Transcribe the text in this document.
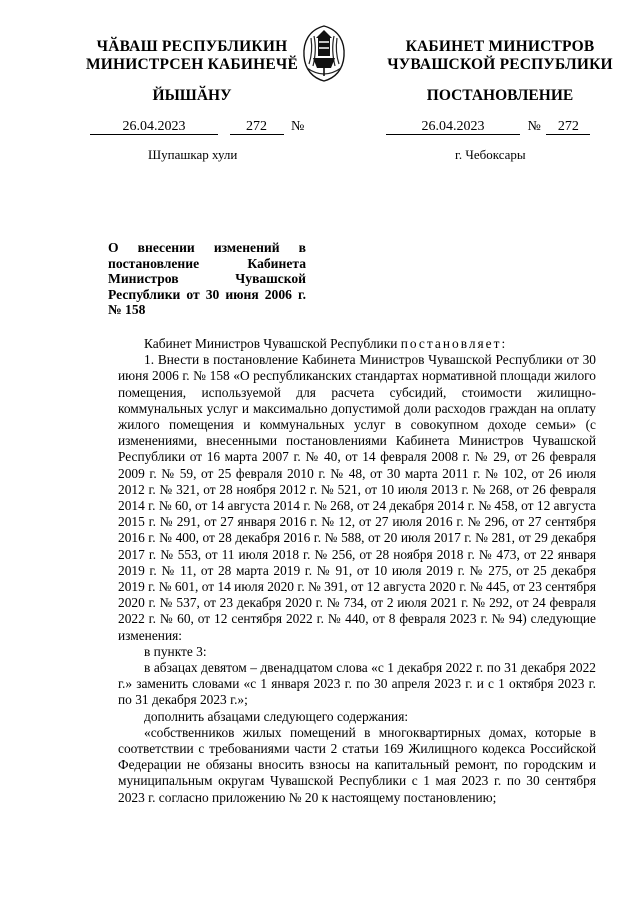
ЧӐВАШ РЕСПУБЛИКИН
МИНИСТРСЕН КАБИНЕЧӖ
ЙЫШӐНУ
КАБИНЕТ МИНИСТРОВ
ЧУВАШСКОЙ РЕСПУБЛИКИ
ПОСТАНОВЛЕНИЕ
26.04.2023	272 №	26.04.2023	№ 272
Шупашкар хули	г. Чебоксары
О внесении изменений в постановление Кабинета Министров Чувашской Республики от 30 июня 2006 г. № 158

Кабинет Министров Чувашской Республики постановляет:

1. Внести в постановление Кабинета Министров Чувашской Республики от 30 июня 2006 г. № 158 «О республиканских стандартах нормативной площади жилого помещения, используемой для расчета субсидий, стоимости жилищно-коммунальных услуг и максимально допустимой доли расходов граждан на оплату жилого помещения и коммунальных услуг в совокупном доходе семьи» (с изменениями, внесенными постановлениями Кабинета Министров Чувашской Республики от 16 марта 2007 г. № 40, от 14 февраля 2008 г. № 29, от 26 февраля 2009 г. № 59, от 25 февраля 2010 г. № 48, от 30 марта 2011 г. № 102, от 26 июля 2012 г. № 321, от 28 ноября 2012 г. № 521, от 10 июля 2013 г. № 268, от 26 февраля 2014 г. № 60, от 14 августа 2014 г. № 268, от 24 декабря 2014 г. № 458, от 12 августа 2015 г. № 291, от 27 января 2016 г. № 12, от 27 июля 2016 г. № 296, от 27 сентября 2016 г. № 400, от 28 декабря 2016 г. № 588, от 20 июля 2017 г. № 281, от 29 декабря 2017 г. № 553, от 11 июля 2018 г. № 256, от 28 ноября 2018 г. № 473, от 22 января 2019 г. № 11, от 28 марта 2019 г. № 91, от 10 июля 2019 г. № 275, от 25 декабря 2019 г. № 601, от 14 июля 2020 г. № 391, от 12 августа 2020 г. № 445, от 23 сентября 2020 г. № 537, от 23 декабря 2020 г. № 734, от 2 июля 2021 г. № 292, от 24 февраля 2022 г. № 60, от 12 сентября 2022 г. № 440, от 8 февраля 2023 г. № 94) следующие изменения:

в пункте 3:

в абзацах девятом – двенадцатом слова «с 1 декабря 2022 г. по 31 декабря 2022 г.» заменить словами «с 1 января 2023 г. по 30 апреля 2023 г. и с 1 октября 2023 г. по 31 декабря 2023 г.»;

дополнить абзацами следующего содержания:

«собственников жилых помещений в многоквартирных домах, которые в соответствии с требованиями части 2 статьи 169 Жилищного кодекса Российской Федерации не обязаны вносить взносы на капитальный ремонт, по городским и муниципальным округам Чувашской Республики с 1 мая 2023 г. по 30 сентября 2023 г. согласно приложению № 20 к настоящему постановлению;
